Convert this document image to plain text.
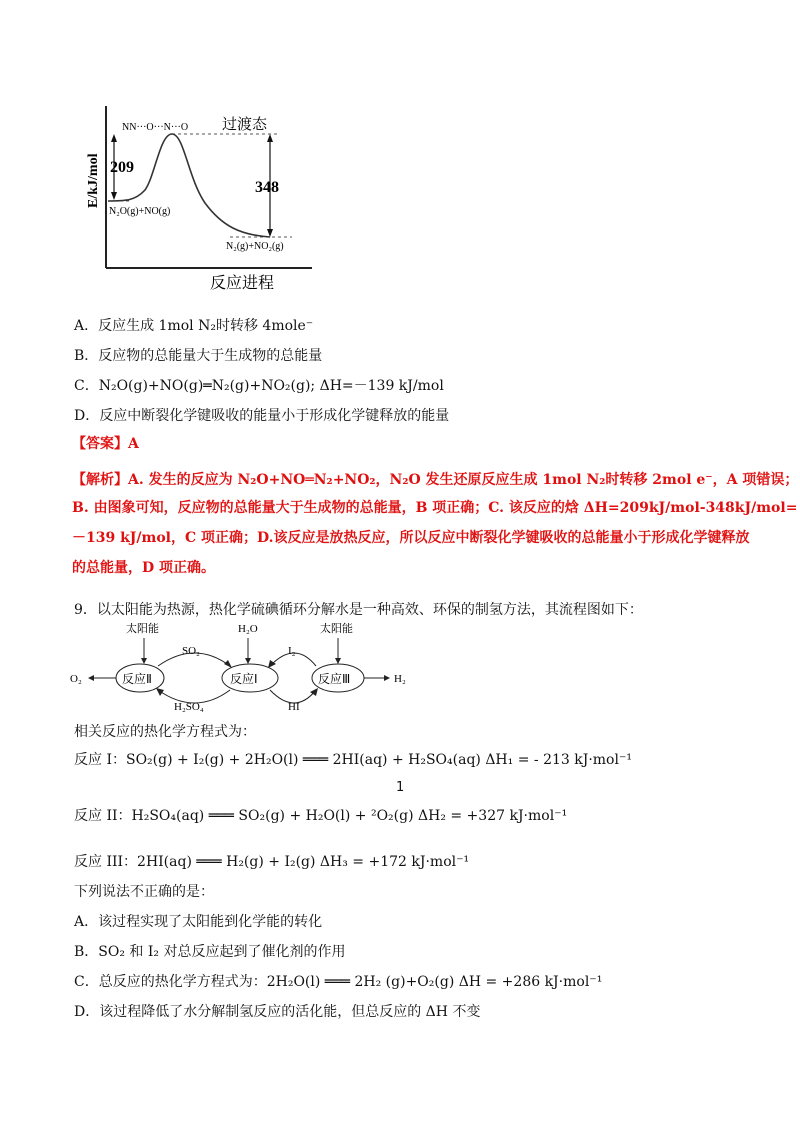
E/kJ/mol
反应进程
过渡态
NN···O···N···O
N₂O(g)+NO(g)
N₂(g)+NO₂(g)
209
348
A．反应生成 1mol N₂时转移 4mole⁻
B．反应物的总能量大于生成物的总能量
C．N₂O(g)+NO(g)═N₂(g)+NO₂(g); ΔH=－139 kJ/mol
D．反应中断裂化学键吸收的能量小于形成化学键释放的能量
【答案】A
【解析】A. 发生的反应为 N₂O+NO═N₂+NO₂，N₂O 发生还原反应生成 1mol N₂时转移 2mol e⁻，A 项错误；
B. 由图象可知，反应物的总能量大于生成物的总能量，B 项正确；C. 该反应的焓 ΔH=209kJ/mol-348kJ/mol=
－139 kJ/mol，C 项正确；D.该反应是放热反应，所以反应中断裂化学键吸收的总能量小于形成化学键释放
的总能量，D 项正确。
9．以太阳能为热源，热化学硫碘循环分解水是一种高效、环保的制氢方法，其流程图如下：
反应Ⅱ	反应Ⅰ	反应Ⅲ
太阳能	太阳能
H₂O
O₂	H₂
SO₂
H₂SO₄
I₂
HI
相关反应的热化学方程式为：
反应 I：SO₂(g) + I₂(g) + 2H₂O(l) ═══ 2HI(aq) + H₂SO₄(aq) ΔH₁ = - 213 kJ·mol⁻¹
1
反应 II：H₂SO₄(aq) ═══ SO₂(g) + H₂O(l) + ²O₂(g) ΔH₂ = +327 kJ·mol⁻¹
反应 III：2HI(aq) ═══ H₂(g) + I₂(g) ΔH₃ = +172 kJ·mol⁻¹
下列说法不正确的是：
A．该过程实现了太阳能到化学能的转化
B．SO₂ 和 I₂ 对总反应起到了催化剂的作用
C．总反应的热化学方程式为：2H₂O(l) ═══ 2H₂ (g)+O₂(g) ΔH = +286 kJ·mol⁻¹
D．该过程降低了水分解制氢反应的活化能，但总反应的 ΔH 不变
